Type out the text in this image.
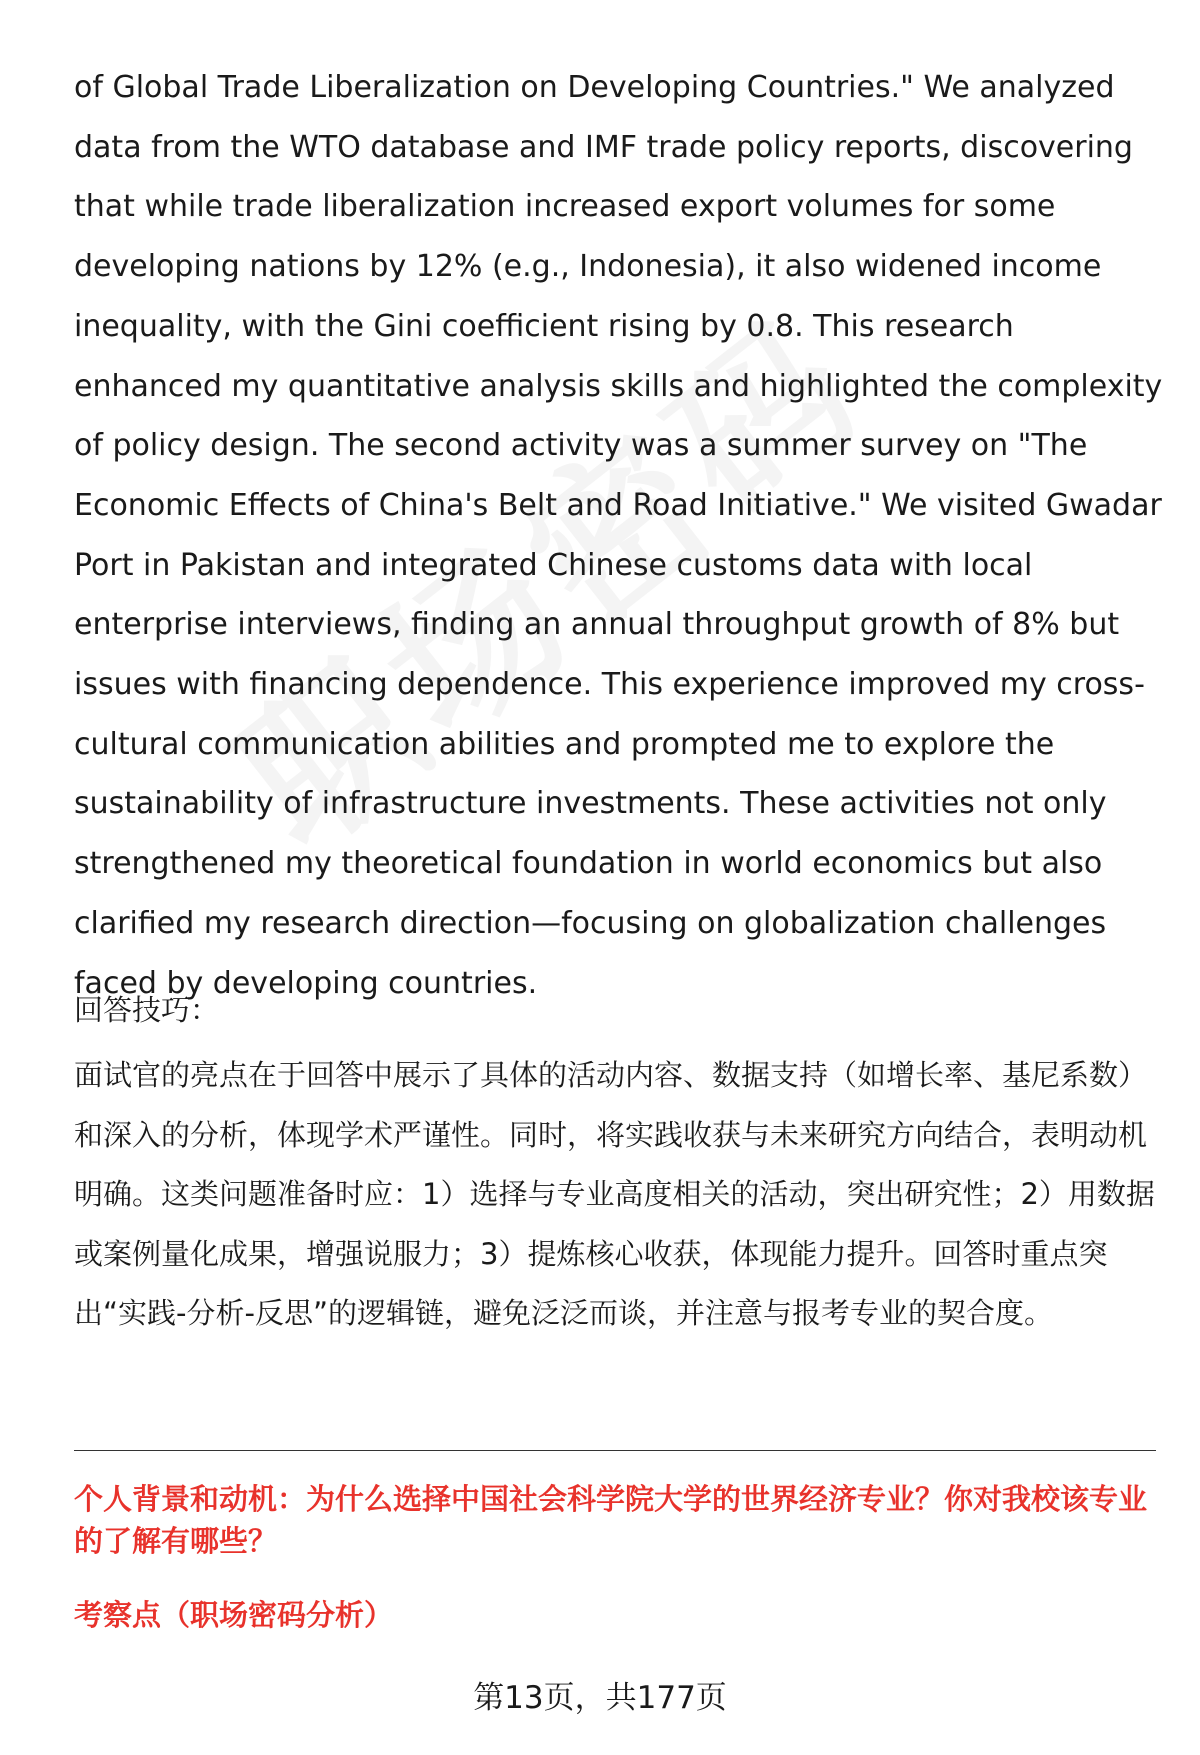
of Global Trade Liberalization on Developing Countries." We analyzed data from the WTO database and IMF trade policy reports, discovering that while trade liberalization increased export volumes for some developing nations by 12% (e.g., Indonesia), it also widened income inequality, with the Gini coefficient rising by 0.8. This research enhanced my quantitative analysis skills and highlighted the complexity of policy design. The second activity was a summer survey on "The Economic Effects of China's Belt and Road Initiative." We visited Gwadar Port in Pakistan and integrated Chinese customs data with local enterprise interviews, finding an annual throughput growth of 8% but issues with financing dependence. This experience improved my cross-cultural communication abilities and prompted me to explore the sustainability of infrastructure investments. These activities not only strengthened my theoretical foundation in world economics but also clarified my research direction—focusing on globalization challenges faced by developing countries.

回答技巧：

面试官的亮点在于回答中展示了具体的活动内容、数据支持（如增长率、基尼系数）和深入的分析，体现学术严谨性。同时，将实践收获与未来研究方向结合，表明动机明确。这类问题准备时应：1）选择与专业高度相关的活动，突出研究性；2）用数据或案例量化成果，增强说服力；3）提炼核心收获，体现能力提升。回答时重点突出“实践-分析-反思”的逻辑链，避免泛泛而谈，并注意与报考专业的契合度。

个人背景和动机：为什么选择中国社会科学院大学的世界经济专业？你对我校该专业的了解有哪些？

考察点（职场密码分析）

第13页，共177页
